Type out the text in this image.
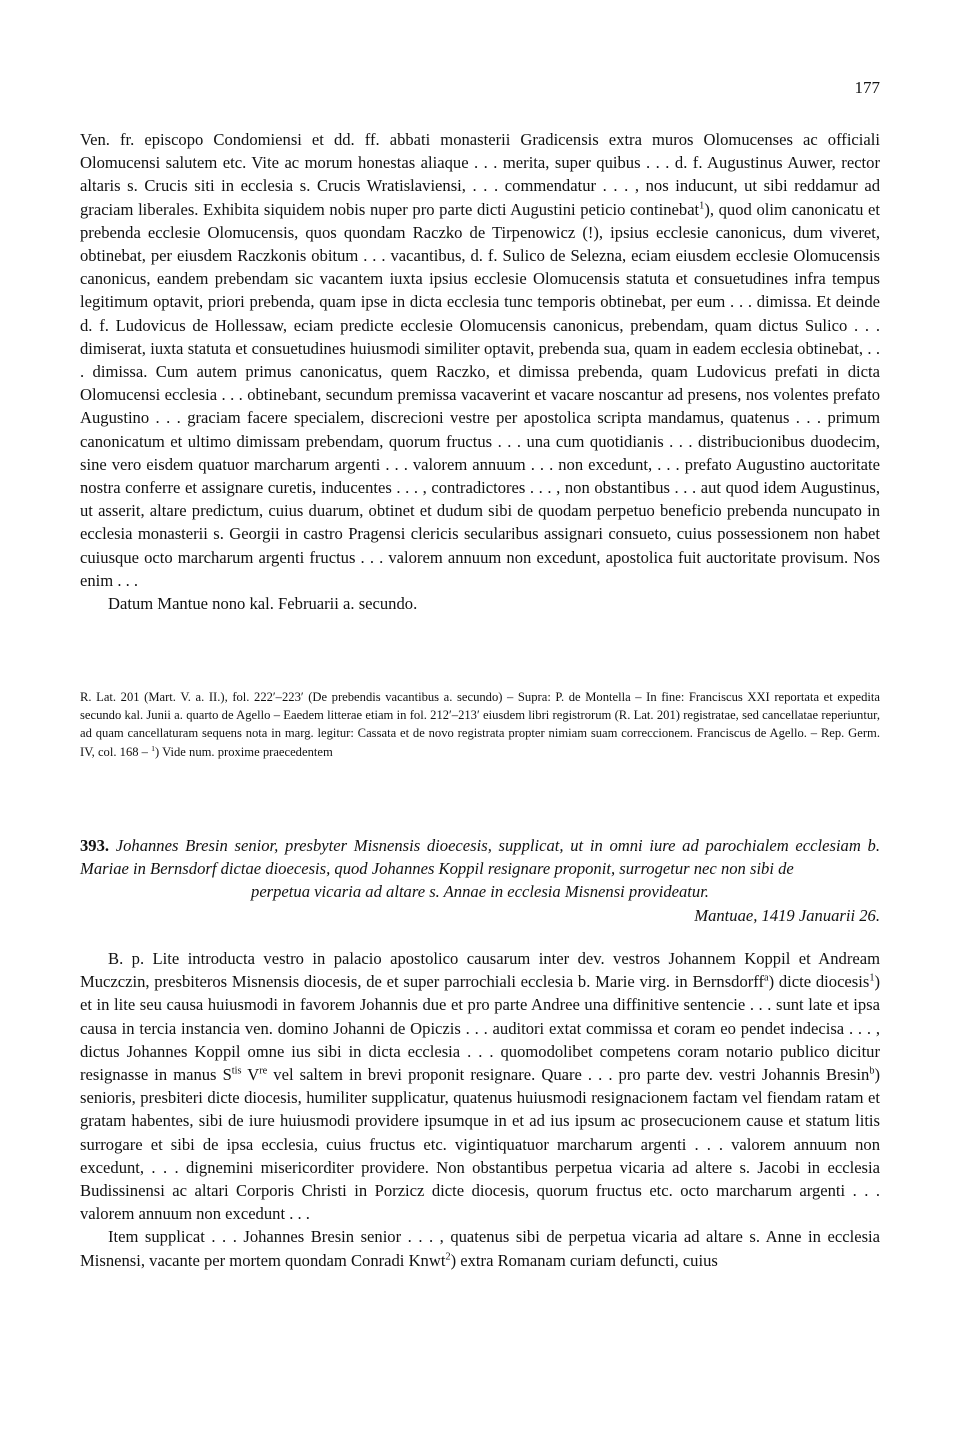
177

Ven. fr. episcopo Condomiensi et dd. ff. abbati monasterii Gradicensis extra muros Olomucenses ac officiali Olomucensi salutem etc. Vite ac morum honestas aliaque . . . merita, super quibus . . . d. f. Augustinus Auwer, rector altaris s. Crucis siti in ecclesia s. Crucis Wratislaviensi, . . . commendatur . . . , nos inducunt, ut sibi reddamur ad graciam liberales. Exhibita siquidem nobis nuper pro parte dicti Augustini peticio continebat$^1$), quod olim canonicatu et prebenda ecclesie Olomucensis, quos quondam Raczko de Tirpenowicz (!), ipsius ecclesie canonicus, dum viveret, obtinebat, per eiusdem Raczkonis obitum . . . vacantibus, d. f. Sulico de Selezna, eciam eiusdem ecclesie Olomucensis canonicus, eandem prebendam sic vacantem iuxta ipsius ecclesie Olomucensis statuta et consuetudines infra tempus legitimum optavit, priori prebenda, quam ipse in dicta ecclesia tunc temporis obtinebat, per eum . . . dimissa. Et deinde d. f. Ludovicus de Hollessaw, eciam predicte ecclesie Olomucensis canonicus, prebendam, quam dictus Sulico . . . dimiserat, iuxta statuta et consuetudines huiusmodi similiter optavit, prebenda sua, quam in eadem ecclesia obtinebat, . . . dimissa. Cum autem primus canonicatus, quem Raczko, et dimissa prebenda, quam Ludovicus prefati in dicta Olomucensi ecclesia . . . obtinebant, secundum premissa vacaverint et vacare noscantur ad presens, nos volentes prefato Augustino . . . graciam facere specialem, discrecioni vestre per apostolica scripta mandamus, quatenus . . . primum canonicatum et ultimo dimissam prebendam, quorum fructus . . . una cum quotidianis . . . distribucionibus duodecim, sine vero eisdem quatuor marcharum argenti . . . valorem annuum . . . non excedunt, . . . prefato Augustino auctoritate nostra conferre et assignare curetis, inducentes . . . , contradictores . . . , non obstantibus . . . aut quod idem Augustinus, ut asserit, altare predictum, cuius duarum, obtinet et dudum sibi de quodam perpetuo beneficio prebenda nuncupato in ecclesia monasterii s. Georgii in castro Pragensi clericis secularibus assignari consueto, cuius possessionem non habet cuiusque octo marcharum argenti fructus . . . valorem annuum non excedunt, apostolica fuit auctoritate provisum. Nos enim . . .

Datum Mantue nono kal. Februarii a. secundo.

R. Lat. 201 (Mart. V. a. II.), fol. 222′–223′ (De prebendis vacantibus a. secundo) – Supra: P. de Montella – In fine: Franciscus XXI reportata et expedita secundo kal. Junii a. quarto de Agello – Eaedem litterae etiam in fol. 212′–213′ eiusdem libri registrorum (R. Lat. 201) registratae, sed cancellatae reperiuntur, ad quam cancellaturam sequens nota in marg. legitur: Cassata et de novo registrata propter nimiam suam correccionem. Franciscus de Agello. – Rep. Germ. IV, col. 168 – $^1$) Vide num. proxime praecedentem

393. Johannes Bresin senior, presbyter Misnensis dioecesis, supplicat, ut in omni iure ad parochialem ecclesiam b. Mariae in Bernsdorf dictae dioecesis, quod Johannes Koppil resignare proponit, surrogetur nec non sibi de

perpetua vicaria ad altare s. Annae in ecclesia Misnensi provideatur.

Mantuae, 1419 Januarii 26.

B. p. Lite introducta vestro in palacio apostolico causarum inter dev. vestros Johannem Koppil et Andream Muczczin, presbiteros Misnensis diocesis, de et super parrochiali ecclesia b. Marie virg. in Bernsdorff$^a$) dicte diocesis$^1$) et in lite seu causa huiusmodi in favorem Johannis due et pro parte Andree una diffinitive sentencie . . . sunt late et ipsa causa in tercia instancia ven. domino Johanni de Opiczis . . . auditori extat commissa et coram eo pendet indecisa . . . , dictus Johannes Koppil omne ius sibi in dicta ecclesia . . . quomodolibet competens coram notario publico dicitur resignasse in manus $S^{tis}$ Vre vel saltem in brevi proponit resignare. Quare . . . pro parte dev. vestri Johannis Bresin$^b$) senioris, presbiteri dicte diocesis, humiliter supplicatur, quatenus huiusmodi resignacionem factam vel fiendam ratam et gratam habentes, sibi de iure huiusmodi providere ipsumque in et ad ius ipsum ac prosecucionem cause et statum litis surrogare et sibi de ipsa ecclesia, cuius fructus etc. vigintiquatuor marcharum argenti . . . valorem annuum non excedunt, . . . dignemini misericorditer providere. Non obstantibus perpetua vicaria ad altere s. Jacobi in ecclesia Budissinensi ac altari Corporis Christi in Porzicz dicte diocesis, quorum fructus etc. octo marcharum argenti . . . valorem annuum non excedunt . . .

Item supplicat . . . Johannes Bresin senior . . . , quatenus sibi de perpetua vicaria ad altare s. Anne in ecclesia Misnensi, vacante per mortem quondam Conradi Knwt$^2$) extra Romanam curiam defuncti, cuius
